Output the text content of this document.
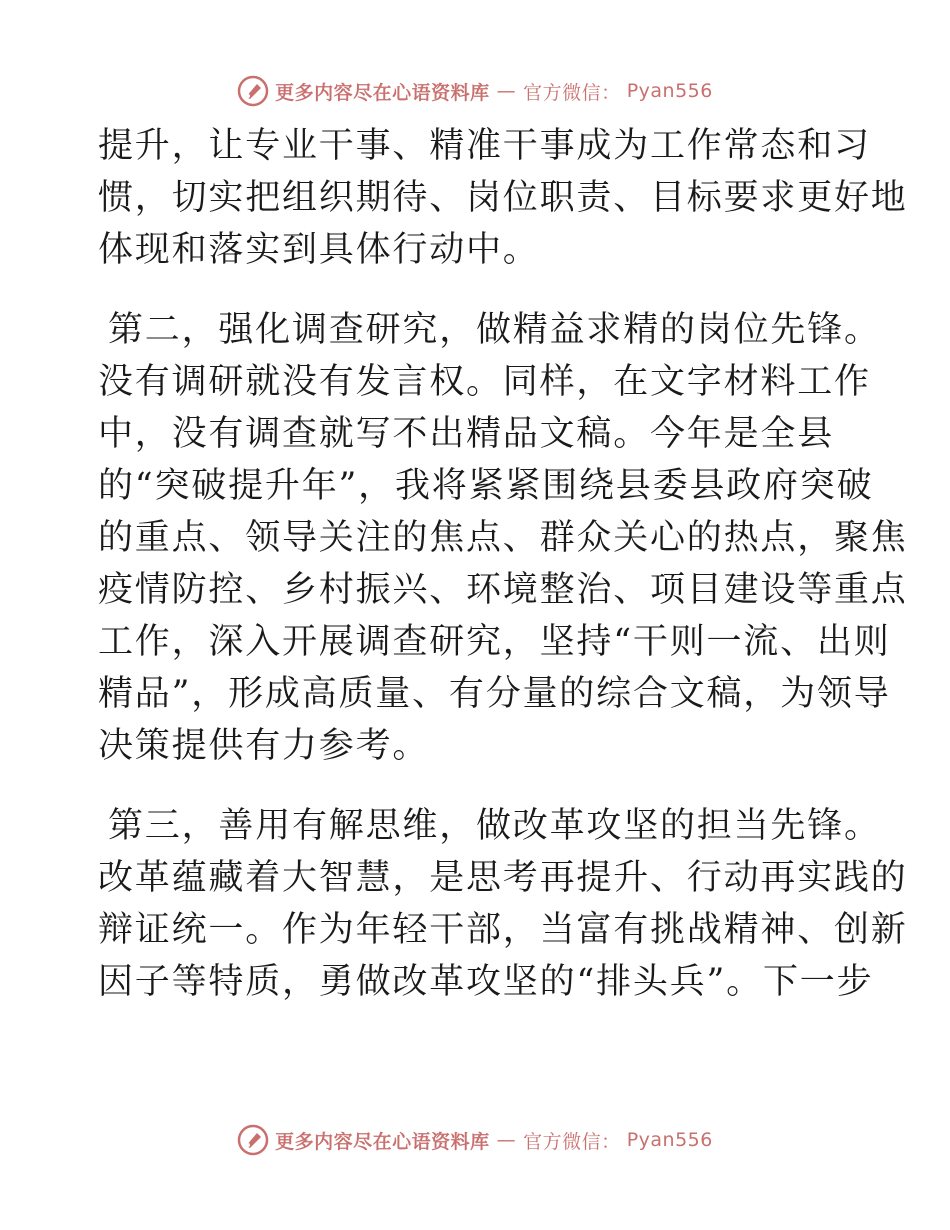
更多内容尽在心语资料库 — 官方微信： Pyan556

提升，让专业干事、精准干事成为工作常态和习

惯，切实把组织期待、岗位职责、目标要求更好地

体现和落实到具体行动中。

第二，强化调查研究，做精益求精的岗位先锋。

没有调研就没有发言权。同样，在文字材料工作

中，没有调查就写不出精品文稿。今年是全县

的“突破提升年”，我将紧紧围绕县委县政府突破

的重点、领导关注的焦点、群众关心的热点，聚焦

疫情防控、乡村振兴、环境整治、项目建设等重点

工作，深入开展调查研究，坚持“干则一流、出则

精品”，形成高质量、有分量的综合文稿，为领导

决策提供有力参考。

第三，善用有解思维，做改革攻坚的担当先锋。

改革蕴藏着大智慧，是思考再提升、行动再实践的

辩证统一。作为年轻干部，当富有挑战精神、创新

因子等特质，勇做改革攻坚的“排头兵”。下一步

更多内容尽在心语资料库 — 官方微信： Pyan556
